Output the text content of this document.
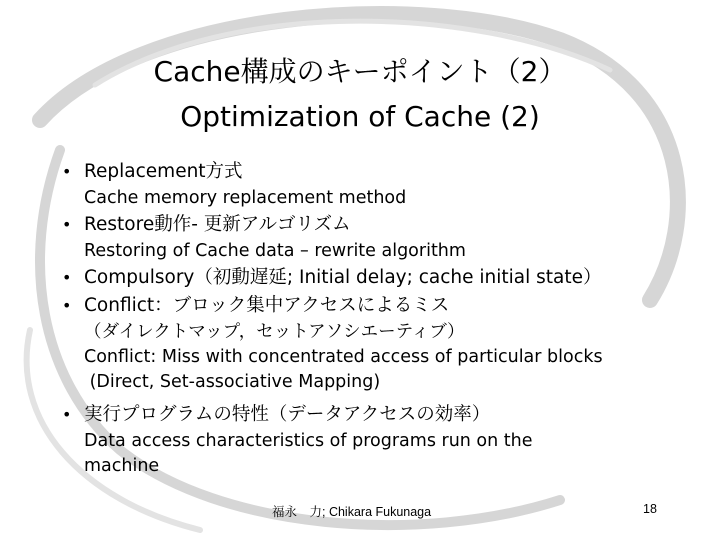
Cache構成のキーポイント（2）
Optimization of Cache (2)
• Replacement方式
Cache memory replacement method
• Restore動作- 更新アルゴリズム
Restoring of Cache data – rewrite algorithm
• Compulsory（初動遅延; Initial delay; cache initial state）
• Conflict：ブロック集中アクセスによるミス
（ダイレクトマップ，セットアソシエーティブ）
Conflict: Miss with concentrated access of particular blocks
(Direct, Set-associative Mapping)
• 実行プログラムの特性（データアクセスの効率）
Data access characteristics of programs run on the
machine
福永　力; Chikara Fukunaga	18
